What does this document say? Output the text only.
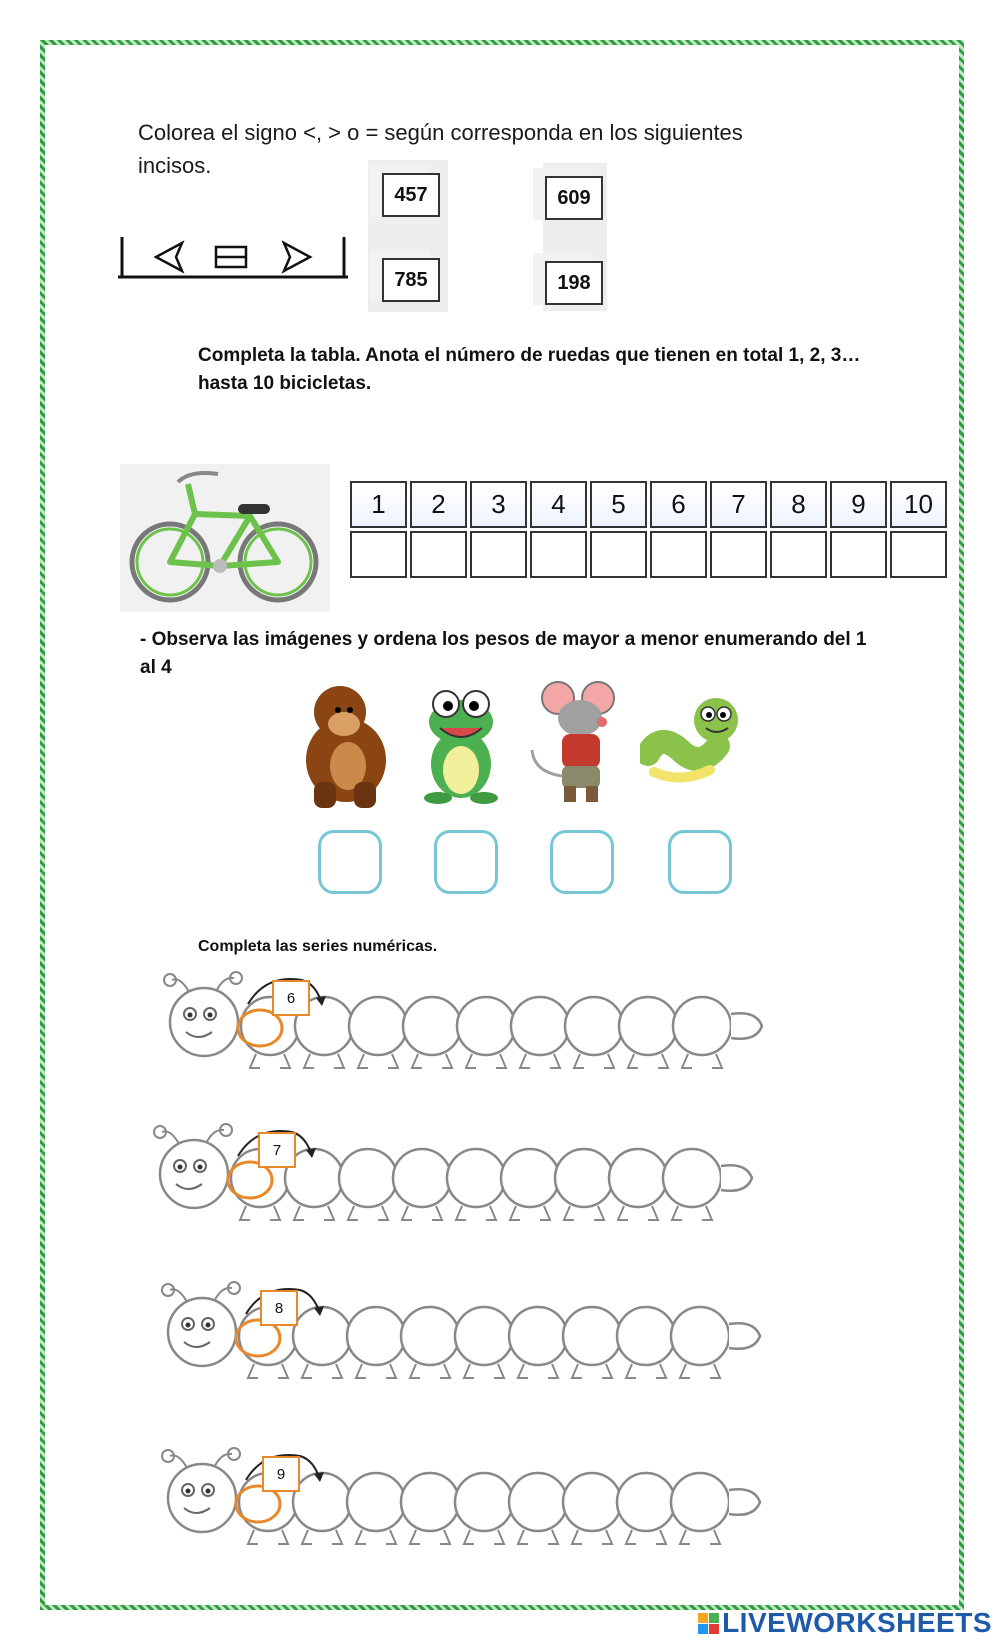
Colorea el signo <, > o = según corresponda en los siguientes incisos.
457
785
609
198
Completa la tabla. Anota el número de ruedas que tienen en total 1, 2, 3… hasta 10 bicicletas.
1	2	3	4	5	6	7	8	9	10

- Observa las imágenes y ordena los pesos de mayor a menor enumerando del 1 al 4
Completa las series numéricas.
6
7
8
9
LIVEWORKSHEETS
